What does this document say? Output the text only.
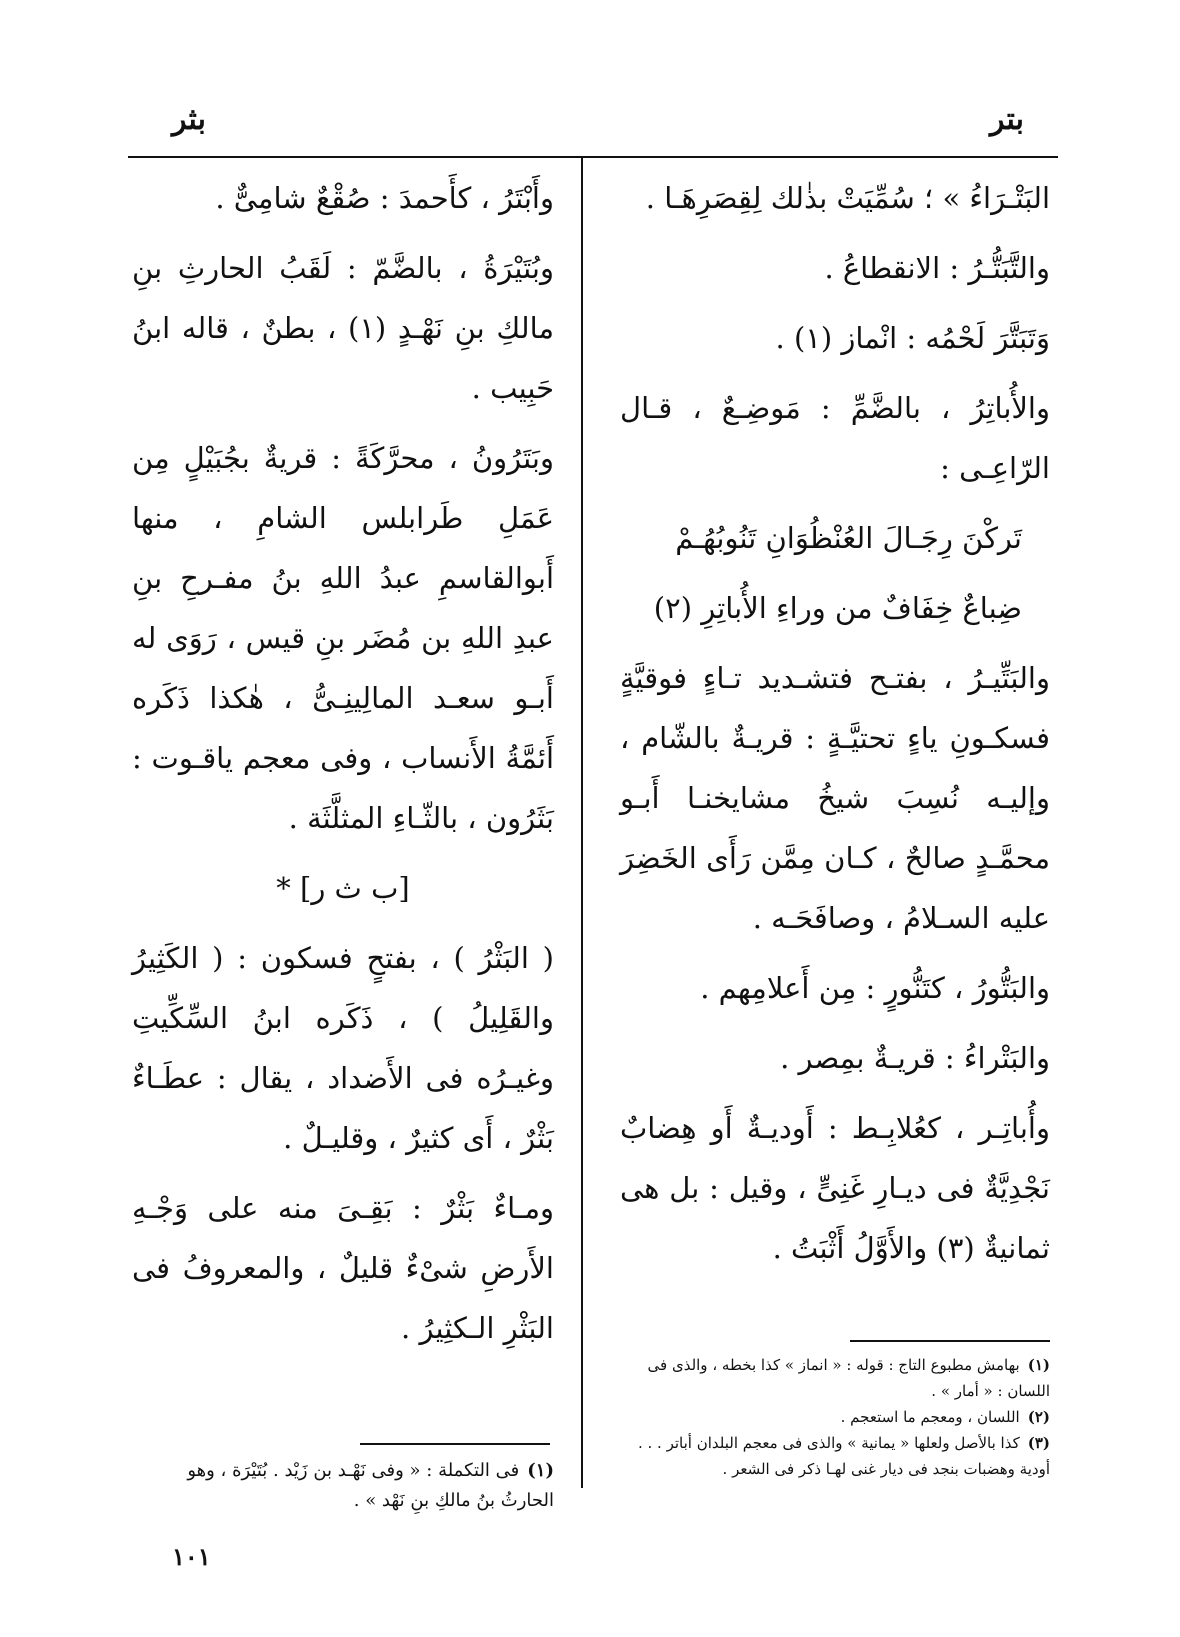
بثر	بتر

البَتْـرَاءُ » ؛ سُمِّيَتْ بذٰلك لِقِصَرِهَـا .

والتَّبَتُّـرُ : الانقطاعُ .

وَتَبَتَّرَ لَحْمُه : انْماز (١) .

والأُباتِرُ ، بالضَّمِّ : مَوضِـعٌ ، قـال الرّاعِـى :

تَركْنَ رِجَـالَ العُنْظُوَانِ تَنُوبُهُـمْ

ضِباعٌ خِفَافٌ من وراءِ الأُباتِرِ (٢)

والبَتِّيـرُ ، بفتـح فتشـديد تـاءٍ فوقيَّةٍ فسكـونِ ياءٍ تحتيَّـةٍ : قريـةٌ بالشّام ، وإليـه نُسِبَ شيخُ مشايخنـا أَبـو محمَّـدٍ صالحٌ ، كـان مِمَّن رَأَى الخَضِرَ عليه السـلامُ ، وصافَحَـه .

والبَتُّورُ ، كتَنُّورٍ : مِن أَعلامِهم .

والبَتْراءُ : قريـةٌ بمِصر .

وأُباتِـر ، كعُلابِـط : أَوديـةٌ أَو هِضابٌ نَجْدِيَّةٌ فى ديـارِ غَنِىٍّ ، وقيل : بل هى ثمانيةٌ (٣) والأَوَّلُ أَثْبَتُ .

وأَبْتَرُ ، كأَحمدَ : صُقْعٌ شامِىٌّ .

وبُتَيْرَةُ ، بالضَّمّ : لَقَبُ الحارثِ بنِ مالكِ بنِ نَهْـدٍ (١) ، بطنٌ ، قاله ابنُ حَبِيب .

وبَتَرُونُ ، محرَّكَةً : قريةٌ بجُبَيْلٍ مِن عَمَلِ طَرابلس الشامِ ، منها أَبوالقاسمِ عبدُ اللهِ بنُ مفـرحِ بنِ عبدِ اللهِ بن مُضَر بنِ قيس ، رَوَى له أَبـو سعـد المالِينِـىُّ ، هٰكذا ذَكَره أَئمَّةُ الأَنساب ، وفى معجم ياقـوت : بَثَرُون ، بالثّـاءِ المثلَّثَة .

[ب ث ر] *

( البَثْرُ ) ، بفتحٍ فسكون : ( الكَثِيرُ والقَلِيلُ ) ، ذَكَره ابنُ السِّكِّيتِ وغيـرُه فى الأَضداد ، يقال : عطَـاءٌ بَثْرٌ ، أَى كثيرٌ ، وقليـلٌ .

ومـاءٌ بَثْرٌ : بَقِـىَ منه على وَجْـهِ الأَرضِ شىْءٌ قليلٌ ، والمعروفُ فى البَثْرِ الـكثِيرُ .

(١)بهامش مطبوع التاج : قوله : « انماز » كذا بخطه ، والذى فى اللسان : « أمار » .
(٢)اللسان ، ومعجم ما استعجم .
(٣)كذا بالأصل ولعلها « يمانية » والذى فى معجم البلدان أباتر . . . أودية وهضبات بنجد فى ديار غنى لهـا ذكر فى الشعر .
(١)فى التكملة : « وفى نَهْـد بن زَيْد . بُتَيْرَة ، وهو الحارثُ بنُ مالكِ بنِ نَهْد » .
١٠١
